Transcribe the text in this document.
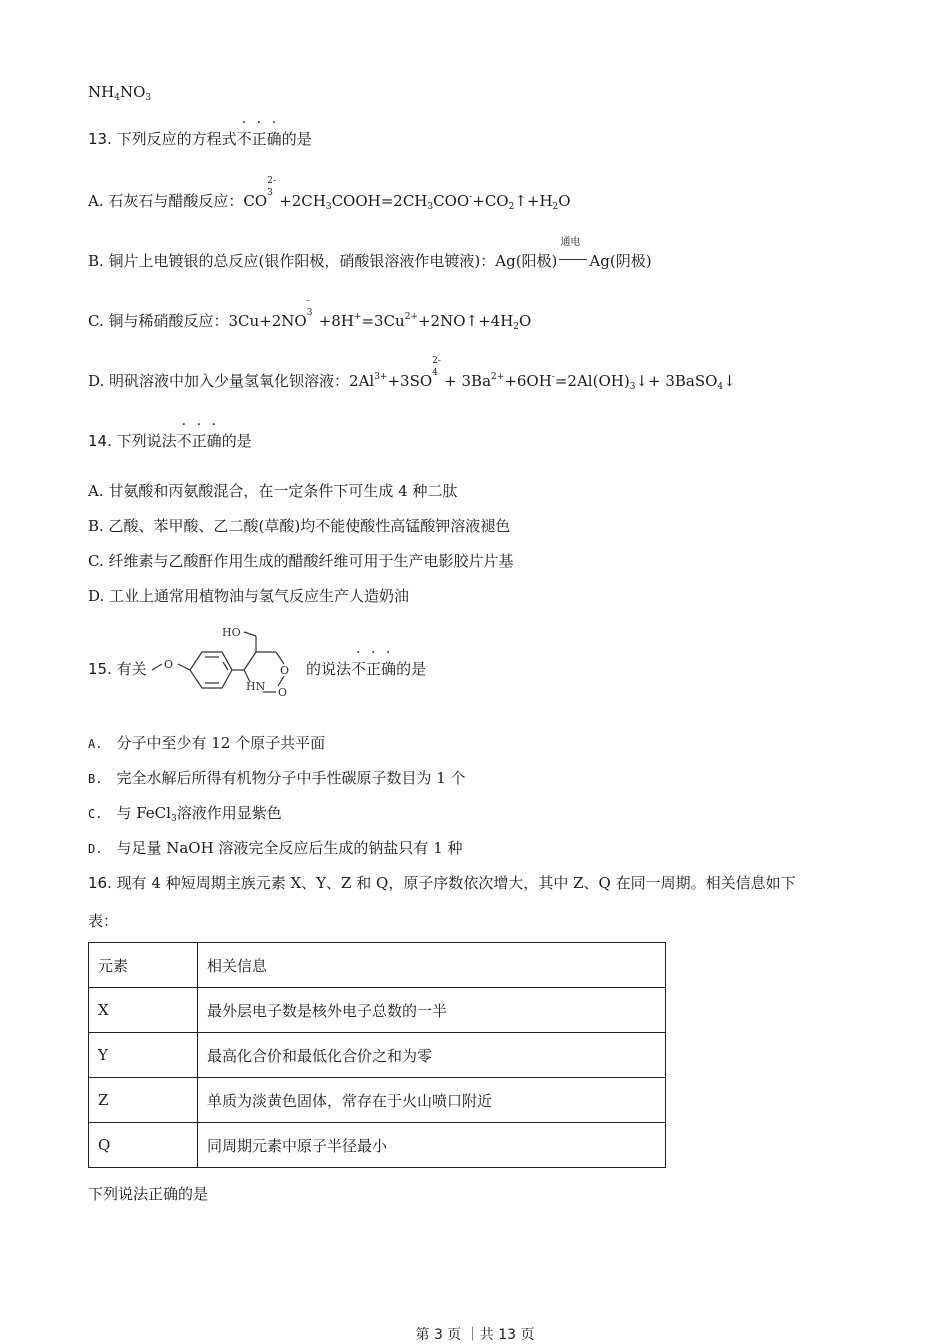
$NH_4NO_3$
13. 下列反应的方程式不正确的是
A. 石灰石与醋酸反应：CO
2-
$3 +2CH_3COOH=2CH_3COO^-+CO_2↑+H_2O$
B. 铜片上电镀银的总反应(银作阳极，硝酸银溶液作电镀液)：Ag(阳极)
通电
Ag(阴极)
C. 铜与稀硝酸反应：3Cu+2NO
-
$3 +8H^+=3Cu^{2+}+2NO↑+4H_2O$
D. 明矾溶液中加入少量氢氧化钡溶液：$2Al^{3+}+3SO$
2-
$4 + 3Ba^{2+}+6OH^-=2Al(OH)_3↓+$ 3BaSO$_4$↓
14. 下列说法不正确的是
A. 甘氨酸和丙氨酸混合，在一定条件下可生成 4 种二肽
B. 乙酸、苯甲酸、乙二酸(草酸)均不能使酸性高锰酸钾溶液褪色
C. 纤维素与乙酸酐作用生成的醋酸纤维可用于生产电影胶片片基
D. 工业上通常用植物油与氢气反应生产人造奶油
15. 有关 O
HO
O
HN O
的说法不正确的是
A. 分子中至少有 12 个原子共平面
B. 完全水解后所得有机物分子中手性碳原子数目为 1 个
C. 与 FeCl$_3$溶液作用显紫色
D. 与足量 NaOH 溶液完全反应后生成的钠盐只有 1 种
16. 现有 4 种短周期主族元素 X、Y、Z 和 Q，原子序数依次增大，其中 Z、Q 在同一周期。相关信息如下
表：
元素	相关信息
X	最外层电子数是核外电子总数的一半
Y	最高化合价和最低化合价之和为零
Z	单质为淡黄色固体，常存在于火山喷口附近
Q	同周期元素中原子半径最小
下列说法正确的是
第 3 页 ｜共 13 页
